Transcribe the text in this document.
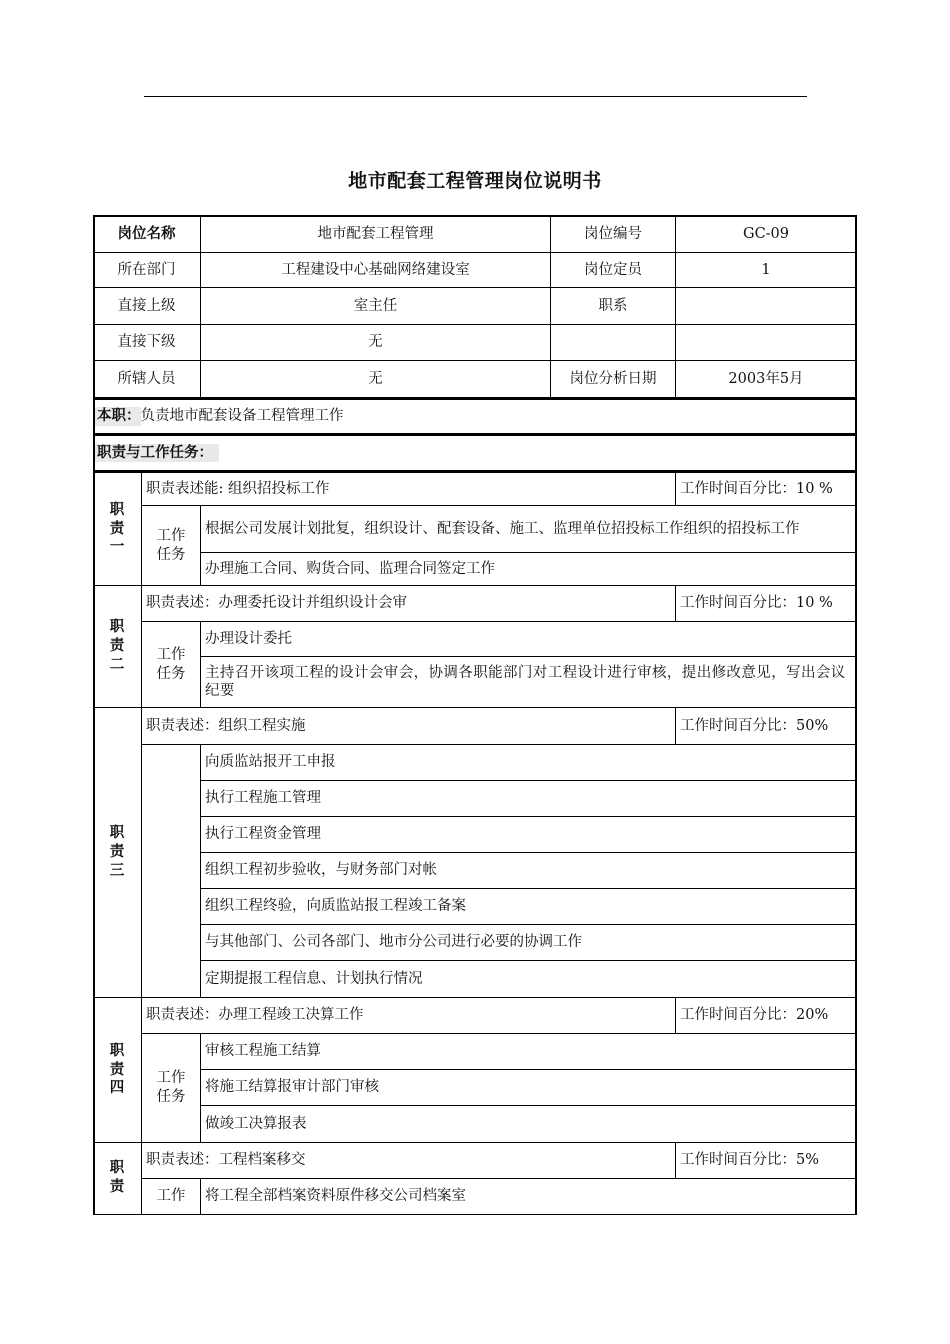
地市配套工程管理岗位说明书
岗位名称	地市配套工程管理	岗位编号	GC-09
所在部门	工程建设中心基础网络建设室	岗位定员	1
直接上级	室主任	职系
直接下级	无
所辖人员	无	岗位分析日期	2003年5月
本职： 负责地市配套设备工程管理工作
职责与工作任务：
职
责
一
职责表述能: 组织招投标工作	工作时间百分比：10 %
工作任务
根据公司发展计划批复，组织设计、配套设备、施工、监理单位招投标工作组织的招投标工作
办理施工合同、购货合同、监理合同签定工作
职
责
二
职责表述：办理委托设计并组织设计会审	工作时间百分比：10 %
工作任务
办理设计委托
主持召开该项工程的设计会审会，协调各职能部门对工程设计进行审核，提出修改意见，写出会议纪要
职
责
三
职责表述：组织工程实施	工作时间百分比：50%
向质监站报开工申报
执行工程施工管理
执行工程资金管理
组织工程初步验收，与财务部门对帐
组织工程终验，向质监站报工程竣工备案
与其他部门、公司各部门、地市分公司进行必要的协调工作
定期提报工程信息、计划执行情况
职
责
四
职责表述：办理工程竣工决算工作	工作时间百分比：20%
工作任务
审核工程施工结算
将施工结算报审计部门审核
做竣工决算报表
职
责
职责表述：工程档案移交	工作时间百分比：5%
工作 将工程全部档案资料原件移交公司档案室
